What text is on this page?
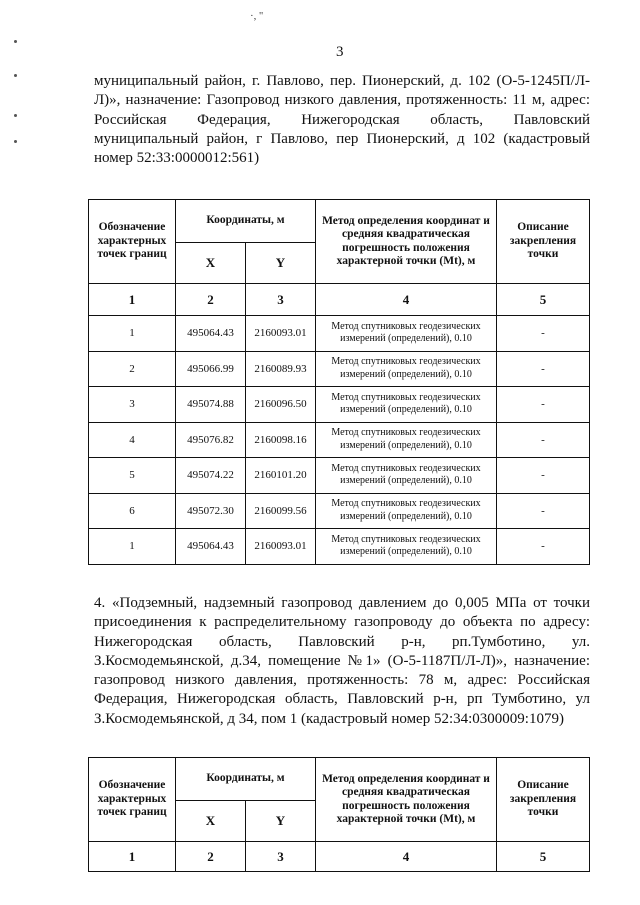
·, ''
3
муниципальный район, г. Павлово, пер. Пионерский, д. 102 (О-5-1245П/Л-Л)», назначение: Газопровод низкого давления, протяженность: 11 м, адрес: Российская Федерация, Нижегородская область, Павловский муниципальный район, г Павлово, пер Пионерский, д 102 (кадастровый номер 52:33:0000012:561)
Обозначение характерных точек границ	Координаты, м		Метод определения координат и средняя квадратическая погрешность положения характерной точки (Mt), м	Описание закрепления точки
	X	Y		
1	2	3	4	5
1	495064.43	2160093.01	Метод спутниковых геодезических измерений (определений), 0.10	-
2	495066.99	2160089.93	Метод спутниковых геодезических измерений (определений), 0.10	-
3	495074.88	2160096.50	Метод спутниковых геодезических измерений (определений), 0.10	-
4	495076.82	2160098.16	Метод спутниковых геодезических измерений (определений), 0.10	-
5	495074.22	2160101.20	Метод спутниковых геодезических измерений (определений), 0.10	-
6	495072.30	2160099.56	Метод спутниковых геодезических измерений (определений), 0.10	-
1	495064.43	2160093.01	Метод спутниковых геодезических измерений (определений), 0.10	-
4. «Подземный, надземный газопровод давлением до 0,005 МПа от точки присоединения к распределительному газопроводу до объекта по адресу: Нижегородская область, Павловский р-н, рп.Тумботино, ул. З.Космодемьянской, д.34, помещение №1» (О-5-1187П/Л-Л)», назначение: газопровод низкого давления, протяженность: 78 м, адрес: Российская Федерация, Нижегородская область, Павловский р-н, рп Тумботино, ул З.Космодемьянской, д 34, пом 1 (кадастровый номер 52:34:0300009:1079)
Обозначение характерных точек границ	Координаты, м		Метод определения координат и средняя квадратическая погрешность положения характерной точки (Mt), м	Описание закрепления точки
	X	Y		
1	2	3	4	5
